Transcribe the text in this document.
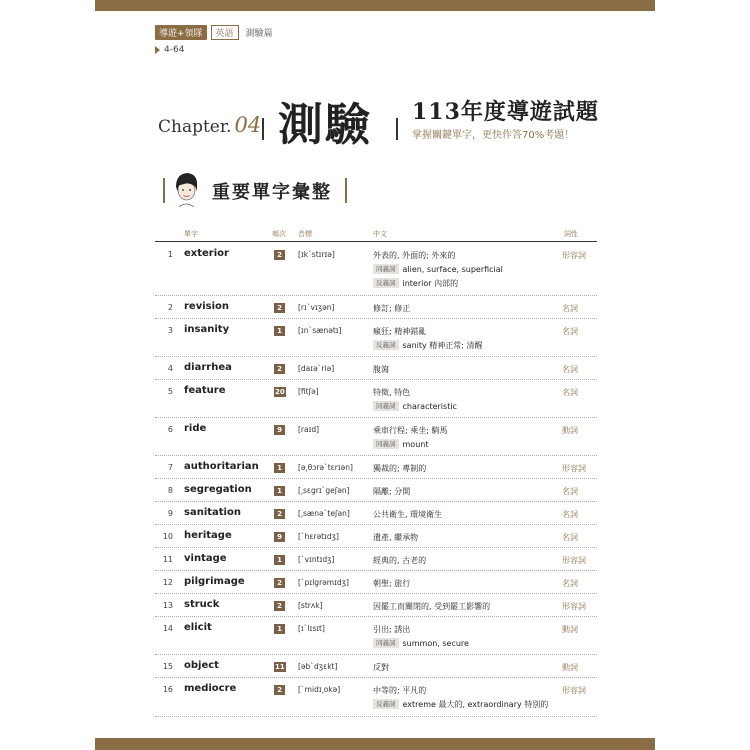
導遊+領隊	英語	測驗篇
4-64
Chapter. 04 測驗 113年度導遊試題
掌握關鍵單字，更快作答70%考題！
重要單字彙整
單字	頻次 音標	中文	詞性
1 exterior	2	[ɪk`stɪrɪə]	外表的, 外面的; 外來的
同義詞 alien, surface, superficial
反義詞 interior 內部的
形容詞
2 revision	2	[rɪ`vɪʒən]	修訂; 修正	名詞
3 insanity	1	[ɪn`sænətɪ]	瘋狂; 精神錯亂
反義詞 sanity 精神正常; 清醒
名詞
4 diarrhea	2	[daɪə`riə]	腹瀉	名詞
5 feature	20 [fitʃə]	特徵, 特色
同義詞 characteristic
名詞
6 ride	9	[raɪd]	乘車行程; 乘坐; 騎馬
同義詞 mount
動詞
7 authoritarian	1	[ə͵θɔrə`tɛrɪən]	獨裁的; 專制的	形容詞
8 segregation	1	[͵sɛgrɪ`geʃən]	隔離; 分開	名詞
9 sanitation	2	[͵sænə`teʃən]	公共衛生, 環境衛生	名詞
10 heritage	9	[`hɛrətɪdʒ]	遺產, 繼承物	名詞
11 vintage	1	[`vɪntɪdʒ]	經典的, 古老的	形容詞
12 pilgrimage	2	[`pɪlgrəmɪdʒ]	朝聖; 旅行	名詞
13 struck	2	[strʌk]	因罷工而關閉的, 受到罷工影響的	形容詞
14 elicit	1	[ɪ`lɪsɪt]	引出; 誘出
同義詞 summon, secure
動詞
15 object	11 [əb`dʒɛkt]	反對	動詞
16 mediocre	2	[`midɪ͵okə]	中等的; 平凡的
反義詞 extreme 最大的, extraordinary 特別的
形容詞
